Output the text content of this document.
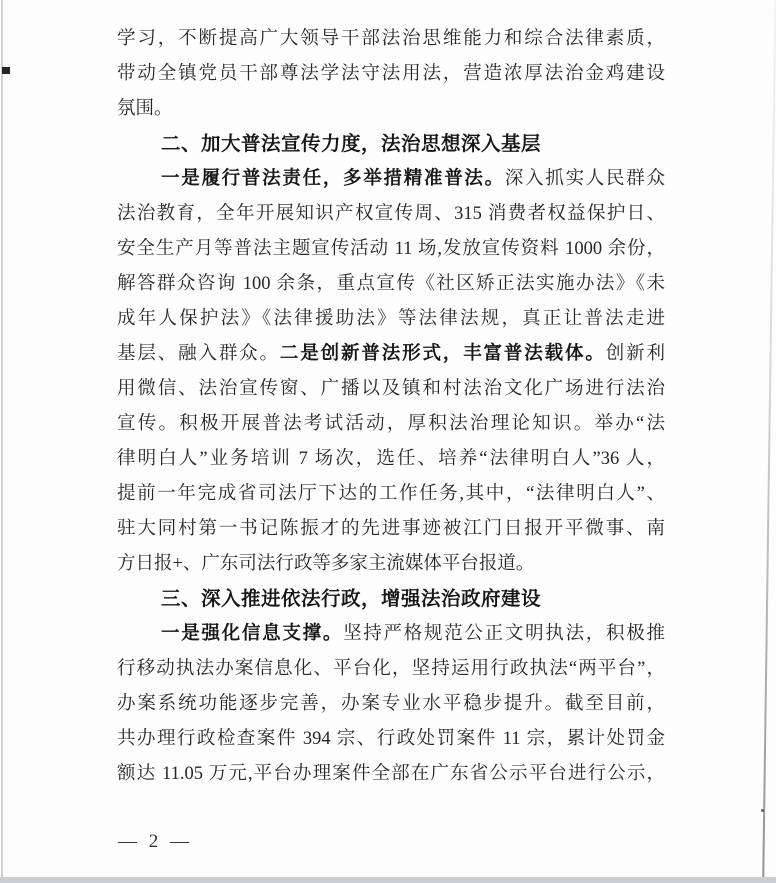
学习，不断提高广大领导干部法治思维能力和综合法律素质，
带动全镇党员干部尊法学法守法用法，营造浓厚法治金鸡建设
氛围。
二、加大普法宣传力度，法治思想深入基层
一是履行普法责任，多举措精准普法。深入抓实人民群众
法治教育，全年开展知识产权宣传周、315 消费者权益保护日、
安全生产月等普法主题宣传活动 11 场,发放宣传资料 1000 余份，
解答群众咨询 100 余条，重点宣传《社区矫正法实施办法》《未
成年人保护法》《法律援助法》等法律法规，真正让普法走进
基层、融入群众。二是创新普法形式，丰富普法载体。创新利
用微信、法治宣传窗、广播以及镇和村法治文化广场进行法治
宣传。积极开展普法考试活动，厚积法治理论知识。举办“法
律明白人”业务培训 7 场次，选任、培养“法律明白人”36 人，
提前一年完成省司法厅下达的工作任务,其中，“法律明白人”、
驻大同村第一书记陈振才的先进事迹被江门日报开平微事、南
方日报+、广东司法行政等多家主流媒体平台报道。
三、深入推进依法行政，增强法治政府建设
一是强化信息支撑。坚持严格规范公正文明执法，积极推
行移动执法办案信息化、平台化，坚持运用行政执法“两平台”，
办案系统功能逐步完善，办案专业水平稳步提升。截至目前，
共办理行政检查案件 394 宗、行政处罚案件 11 宗，累计处罚金
额达 11.05 万元,平台办理案件全部在广东省公示平台进行公示，
— 2 —
